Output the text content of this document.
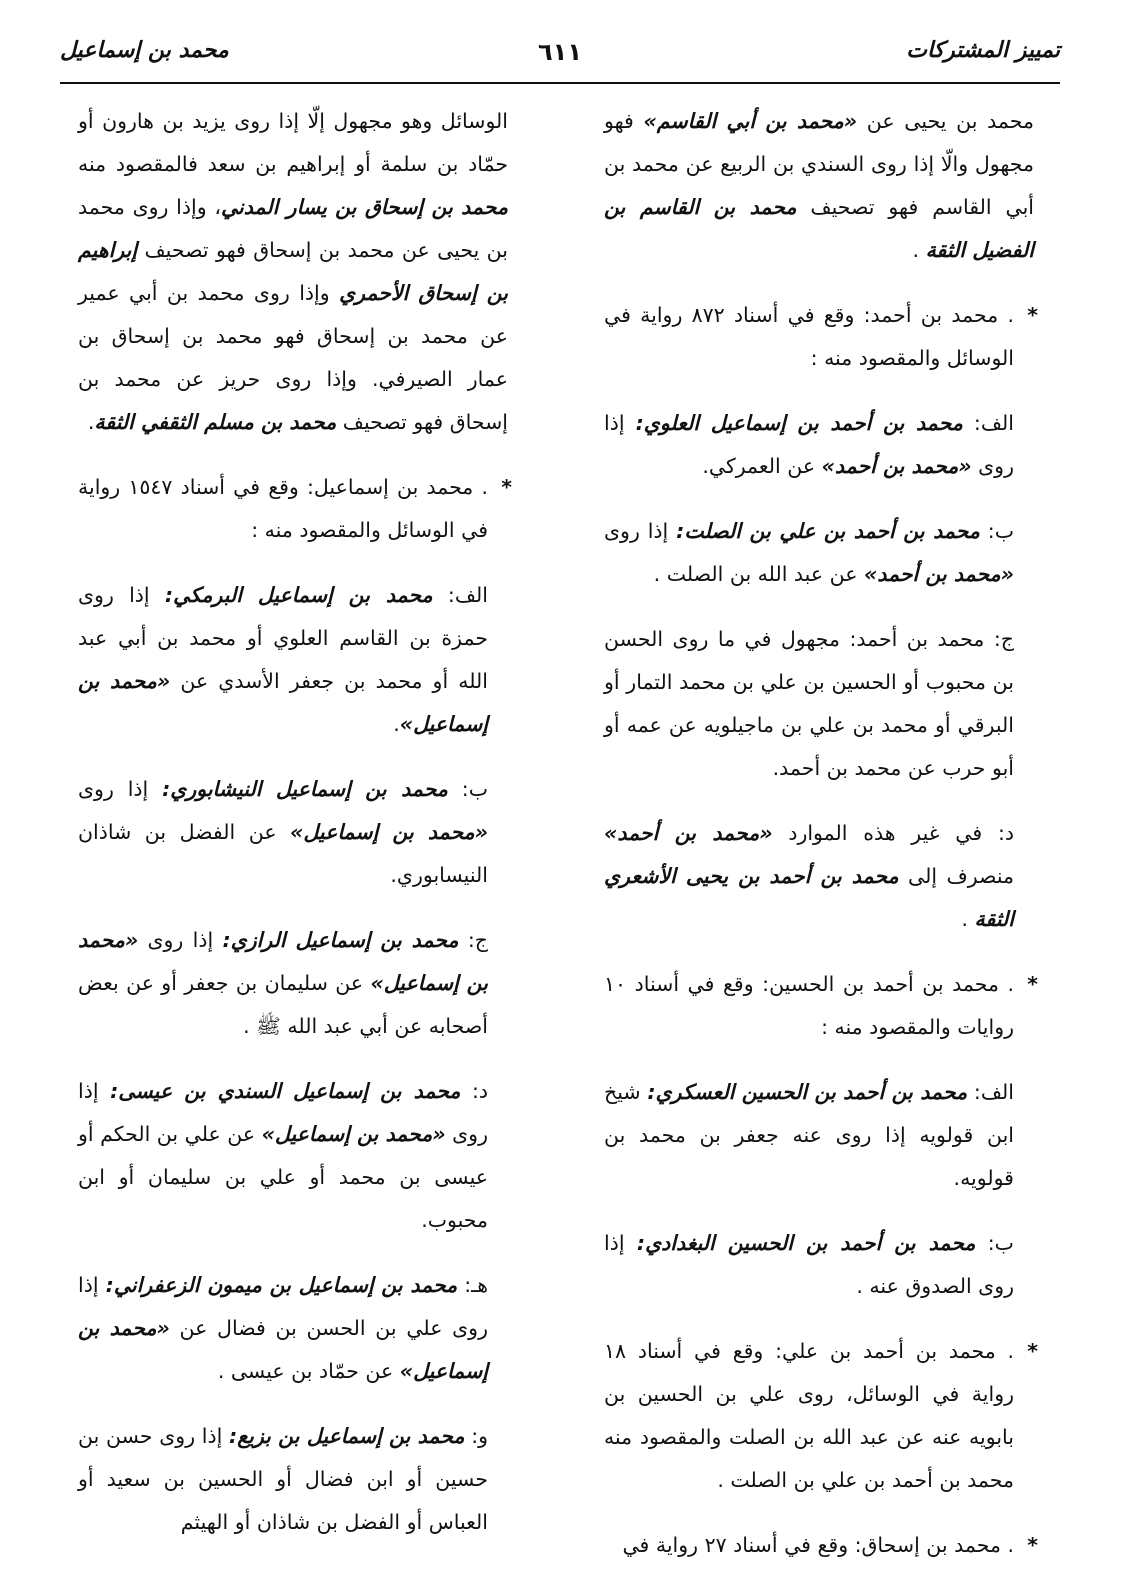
تمييز المشتركات
٦١١
محمد بن إسماعيل

محمد بن يحيى عن «محمد بن أبي القاسم» فهو مجهول والّا إذا روى السندي بن الربيع عن محمد بن أبي القاسم فهو تصحيف محمد بن القاسم بن الفضيل الثقة .

*
. محمد بن أحمد: وقع في أسناد ٨٧٢ رواية في الوسائل والمقصود منه :

الف: محمد بن أحمد بن إسماعيل العلوي: إذا روى «محمد بن أحمد» عن العمركي.

ب: محمد بن أحمد بن علي بن الصلت: إذا روى «محمد بن أحمد» عن عبد الله بن الصلت .

ج: محمد بن أحمد: مجهول في ما روى الحسن بن محبوب أو الحسين بن علي بن محمد التمار أو البرقي أو محمد بن علي بن ماجيلويه عن عمه أو أبو حرب عن محمد بن أحمد.

د: في غير هذه الموارد «محمد بن أحمد» منصرف إلى محمد بن أحمد بن يحيى الأشعري الثقة .

*
. محمد بن أحمد بن الحسين: وقع في أسناد ١٠ روايات والمقصود منه :

الف: محمد بن أحمد بن الحسين العسكري: شيخ ابن قولويه إذا روى عنه جعفر بن محمد بن قولويه.

ب: محمد بن أحمد بن الحسين البغدادي: إذا روى الصدوق عنه .

*
. محمد بن أحمد بن علي: وقع في أسناد ١٨ رواية في الوسائل، روى علي بن الحسين بن بابويه عنه عن عبد الله بن الصلت والمقصود منه محمد بن أحمد بن علي بن الصلت .

*
. محمد بن إسحاق: وقع في أسناد ٢٧ رواية في

الوسائل وهو مجهول إلّا إذا روى يزيد بن هارون أو حمّاد بن سلمة أو إبراهيم بن سعد فالمقصود منه محمد بن إسحاق بن يسار المدني، وإذا روى محمد بن يحيى عن محمد بن إسحاق فهو تصحيف إبراهيم بن إسحاق الأحمري وإذا روى محمد بن أبي عمير عن محمد بن إسحاق فهو محمد بن إسحاق بن عمار الصيرفي. وإذا روى حريز عن محمد بن إسحاق فهو تصحيف محمد بن مسلم الثقفي الثقة.

*
. محمد بن إسماعيل: وقع في أسناد ١٥٤٧ رواية في الوسائل والمقصود منه :

الف: محمد بن إسماعيل البرمكي: إذا روى حمزة بن القاسم العلوي أو محمد بن أبي عبد الله أو محمد بن جعفر الأسدي عن «محمد بن إسماعيل».

ب: محمد بن إسماعيل النيشابوري: إذا روى «محمد بن إسماعيل» عن الفضل بن شاذان النيسابوري.

ج: محمد بن إسماعيل الرازي: إذا روى «محمد بن إسماعيل» عن سليمان بن جعفر أو عن بعض أصحابه عن أبي عبد الله ﷺ .

د: محمد بن إسماعيل السندي بن عيسى: إذا روى «محمد بن إسماعيل» عن علي بن الحكم أو عيسى بن محمد أو علي بن سليمان أو ابن محبوب.

هـ: محمد بن إسماعيل بن ميمون الزعفراني: إذا روى علي بن الحسن بن فضال عن «محمد بن إسماعيل» عن حمّاد بن عيسى .

و: محمد بن إسماعيل بن بزيع: إذا روى حسن بن حسين أو ابن فضال أو الحسين بن سعيد أو العباس أو الفضل بن شاذان أو الهيثم
